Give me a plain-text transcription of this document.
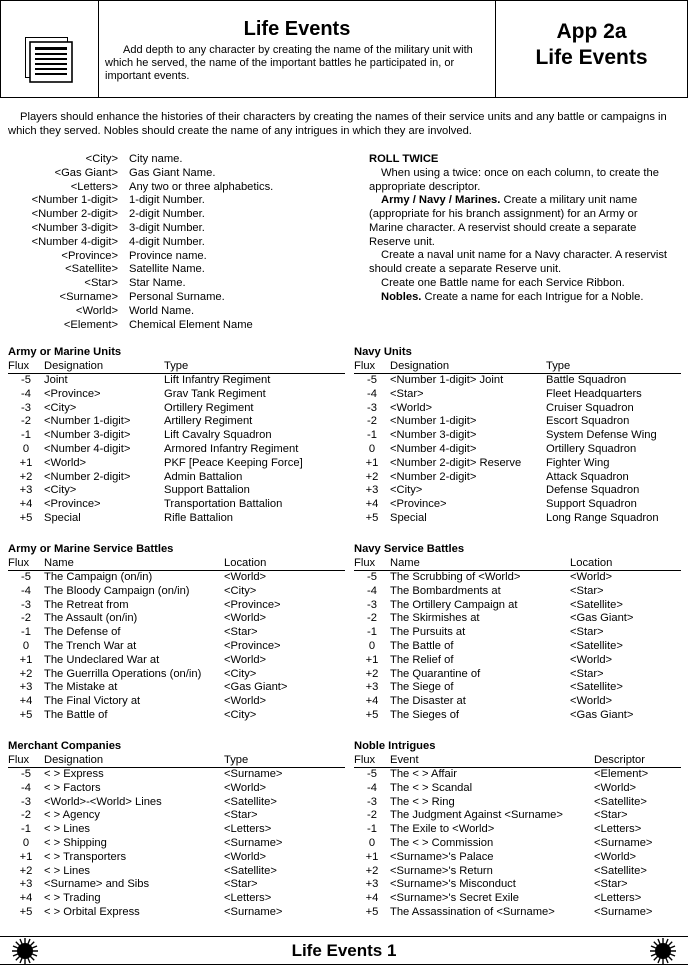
Life Events
Add depth to any character by creating the name of the military unit with which he served, the name of the important battles he participated in, or important events.
App 2a
Life Events
Players should enhance the histories of their characters by creating the names of their service units and any battle or campaigns in which they served. Nobles should create the name of any intrigues in which they are involved.
<City> City name.
<Gas Giant> Gas Giant Name.
<Letters> Any two or three alphabetics.
<Number 1-digit> 1-digit Number.
<Number 2-digit> 2-digit Number.
<Number 3-digit> 3-digit Number.
<Number 4-digit> 4-digit Number.
<Province> Province name.
<Satellite> Satellite Name.
<Star> Star Name.
<Surname> Personal Surname.
<World> World Name.
<Element> Chemical Element Name

ROLL TWICE

When using a twice: once on each column, to create the appropriate descriptor.

Army / Navy / Marines. Create a military unit name (appropriate for his branch assignment) for an Army or Marine character. A reservist should create a separate Reserve unit.

Create a naval unit name for a Navy character. A reservist should create a separate Reserve unit.

Create one Battle name for each Service Ribbon.

Nobles. Create a name for each Intrigue for a Noble.

Army or Marine Units
Flux	Designation	Type
-5	Joint	Lift Infantry Regiment
-4	<Province>	Grav Tank Regiment
-3	<City>	Ortillery Regiment
-2	<Number 1-digit>	Artillery Regiment
-1	<Number 3-digit>	Lift Cavalry Squadron
0	<Number 4-digit>	Armored Infantry Regiment
+1	<World>	PKF [Peace Keeping Force]
+2	<Number 2-digit>	Admin Battalion
+3	<City>	Support Battalion
+4	<Province>	Transportation Battalion
+5	Special	Rifle Battalion
Navy Units
Flux	Designation	Type
-5	<Number 1-digit> Joint	Battle Squadron
-4	<Star>	Fleet Headquarters
-3	<World>	Cruiser Squadron
-2	<Number 1-digit>	Escort Squadron
-1	<Number 3-digit>	System Defense Wing
0	<Number 4-digit>	Ortillery Squadron
+1	<Number 2-digit> Reserve	Fighter Wing
+2	<Number 2-digit>	Attack Squadron
+3	<City>	Defense Squadron
+4	<Province>	Support Squadron
+5	Special	Long Range Squadron
Army or Marine Service Battles
Flux	Name	Location
-5	The Campaign (on/in)	<World>
-4	The Bloody Campaign (on/in)	<City>
-3	The Retreat from	<Province>
-2	The Assault (on/in)	<World>
-1	The Defense of	<Star>
0	The Trench War at	<Province>
+1	The Undeclared War at	<World>
+2	The Guerrilla Operations (on/in)	<City>
+3	The Mistake at	<Gas Giant>
+4	The Final Victory at	<World>
+5	The Battle of	<City>
Navy Service Battles
Flux	Name	Location
-5	The Scrubbing of <World>	<World>
-4	The Bombardments at	<Star>
-3	The Ortillery Campaign at	<Satellite>
-2	The Skirmishes at	<Gas Giant>
-1	The Pursuits at	<Star>
0	The Battle of	<Satellite>
+1	The Relief of	<World>
+2	The Quarantine of	<Star>
+3	The Siege of	<Satellite>
+4	The Disaster at	<World>
+5	The Sieges of	<Gas Giant>
Merchant Companies
Flux	Designation	Type
-5	< > Express	<Surname>
-4	< > Factors	<World>
-3	<World>-<World> Lines	<Satellite>
-2	< > Agency	<Star>
-1	< > Lines	<Letters>
0	< > Shipping	<Surname>
+1	< > Transporters	<World>
+2	< > Lines	<Satellite>
+3	<Surname> and Sibs	<Star>
+4	< > Trading	<Letters>
+5	< > Orbital Express	<Surname>
Noble Intrigues
Flux	Event	Descriptor
-5	The < > Affair	<Element>
-4	The < > Scandal	<World>
-3	The < > Ring	<Satellite>
-2	The Judgment Against <Surname>	<Star>
-1	The Exile to <World>	<Letters>
0	The < > Commission	<Surname>
+1	<Surname>'s Palace	<World>
+2	<Surname>'s Return	<Satellite>
+3	<Surname>'s Misconduct	<Star>
+4	<Surname>'s Secret Exile	<Letters>
+5	The Assassination of <Surname>	<Surname>
Life Events 1
